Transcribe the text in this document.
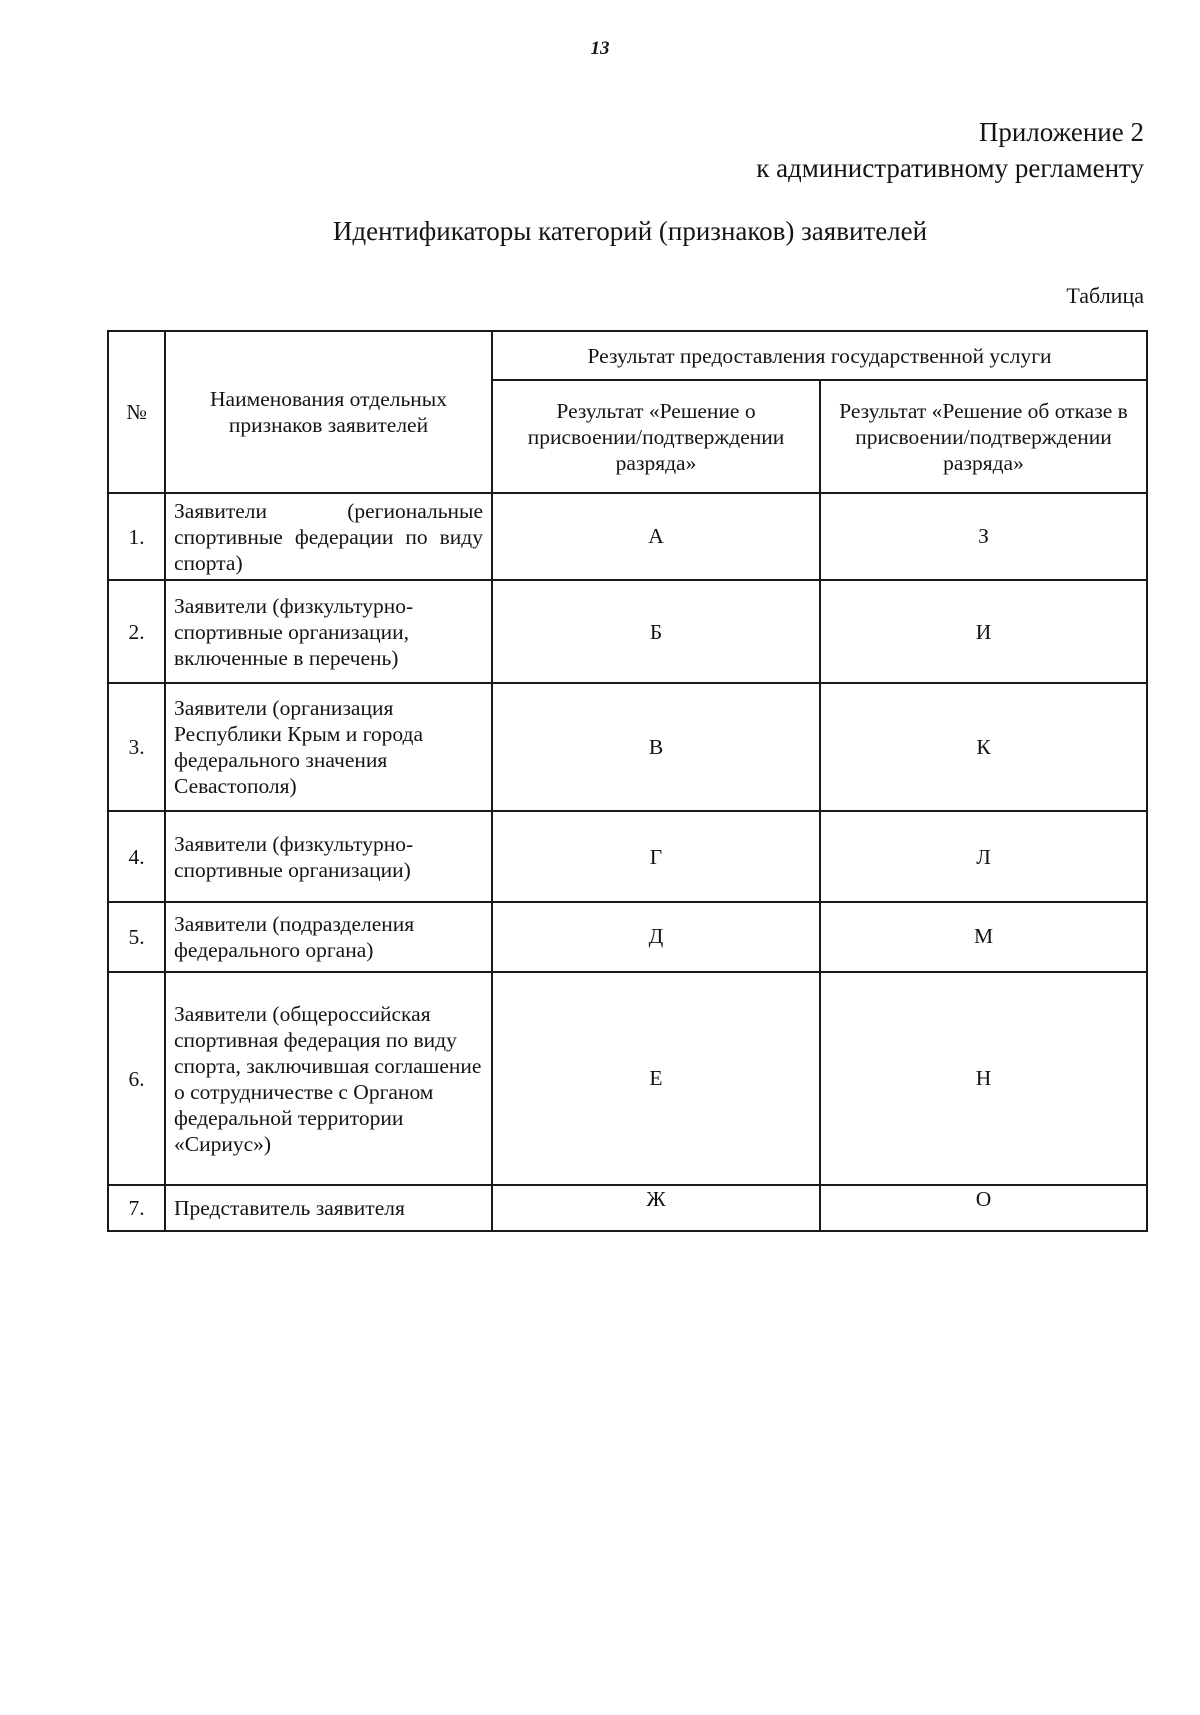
13
Приложение 2
к административному регламенту
Идентификаторы категорий (признаков) заявителей
Таблица
№	Наименования отдельных признаков заявителей	Результат предоставления государственной услуги	
		Результат «Решение о присвоении/подтверждении разряда»	Результат «Решение об отказе в присвоении/подтверждении разряда»
1.	Заявители (региональные спортивные федерации по виду спорта)	А	З
2.	Заявители (физкультурно-спортивные организации, включенные в перечень)	Б	И
3.	Заявители (организация Республики Крым и города федерального значения Севастополя)	В	К
4.	Заявители (физкультурно-спортивные организации)	Г	Л
5.	Заявители (подразделения федерального органа)	Д	М
6.	Заявители (общероссийская спортивная федерация по виду спорта, заключившая соглашение о сотрудничестве с Органом федеральной территории «Сириус»)	Е	Н
7.	Представитель заявителя	Ж	О
